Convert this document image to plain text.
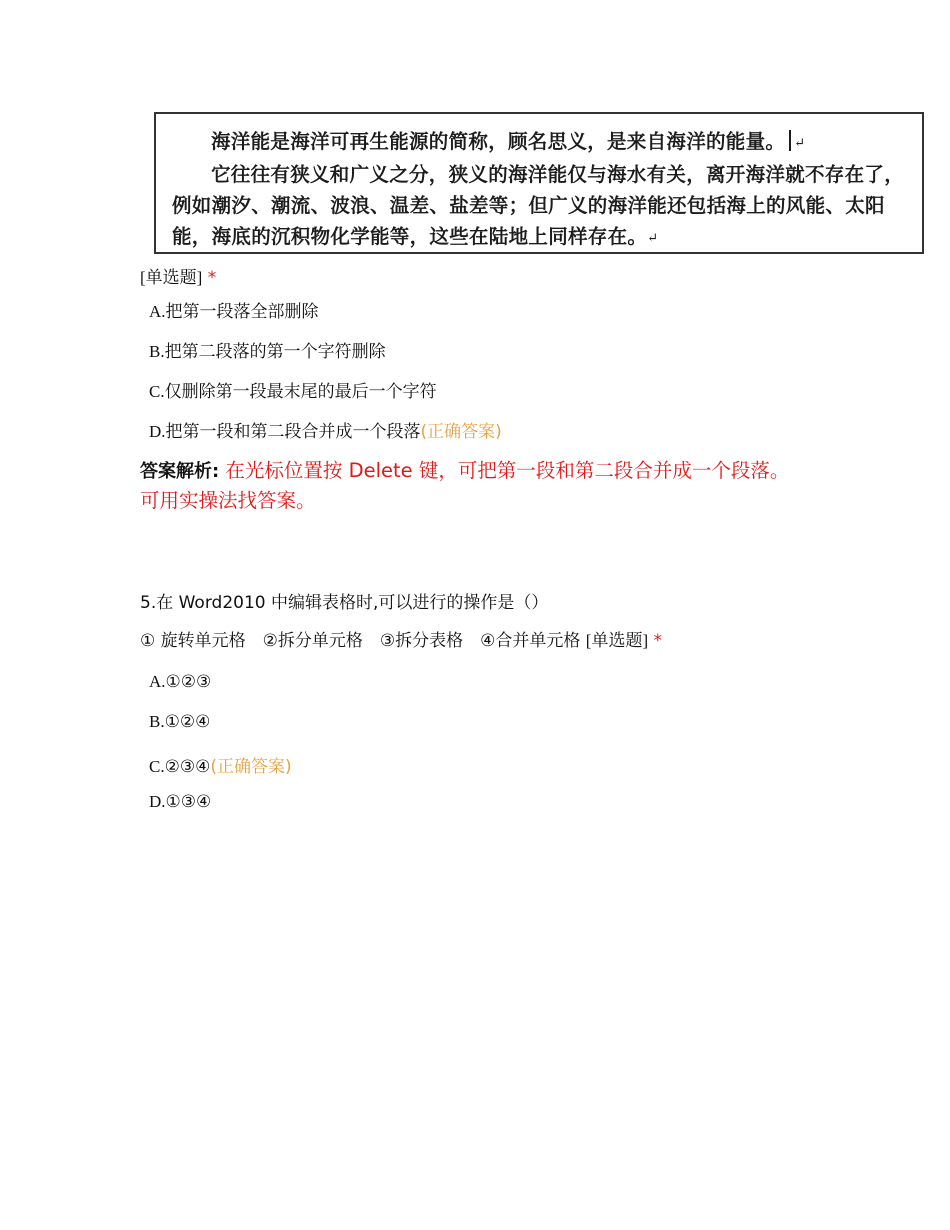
海洋能是海洋可再生能源的简称，顾名思义，是来自海洋的能量。 ↵

它往往有狭义和广义之分，狭义的海洋能仅与海水有关，离开海洋就不存在了，例如潮汐、潮流、波浪、温差、盐差等；但广义的海洋能还包括海上的风能、太阳能，海底的沉积物化学能等，这些在陆地上同样存在。↵

[单选题] *
A.把第一段落全部删除
B.把第二段落的第一个字符删除
C.仅删除第一段最末尾的最后一个字符
D.把第一段和第二段合并成一个段落(正确答案)
答案解析: 在光标位置按 Delete 键，可把第一段和第二段合并成一个段落。可用实操法找答案。
5.在 Word2010 中编辑表格时,可以进行的操作是（）
① 旋转单元格　②拆分单元格　③拆分表格　④合并单元格 [单选题] *
A.①②③
B.①②④
C.②③④(正确答案)
D.①③④
